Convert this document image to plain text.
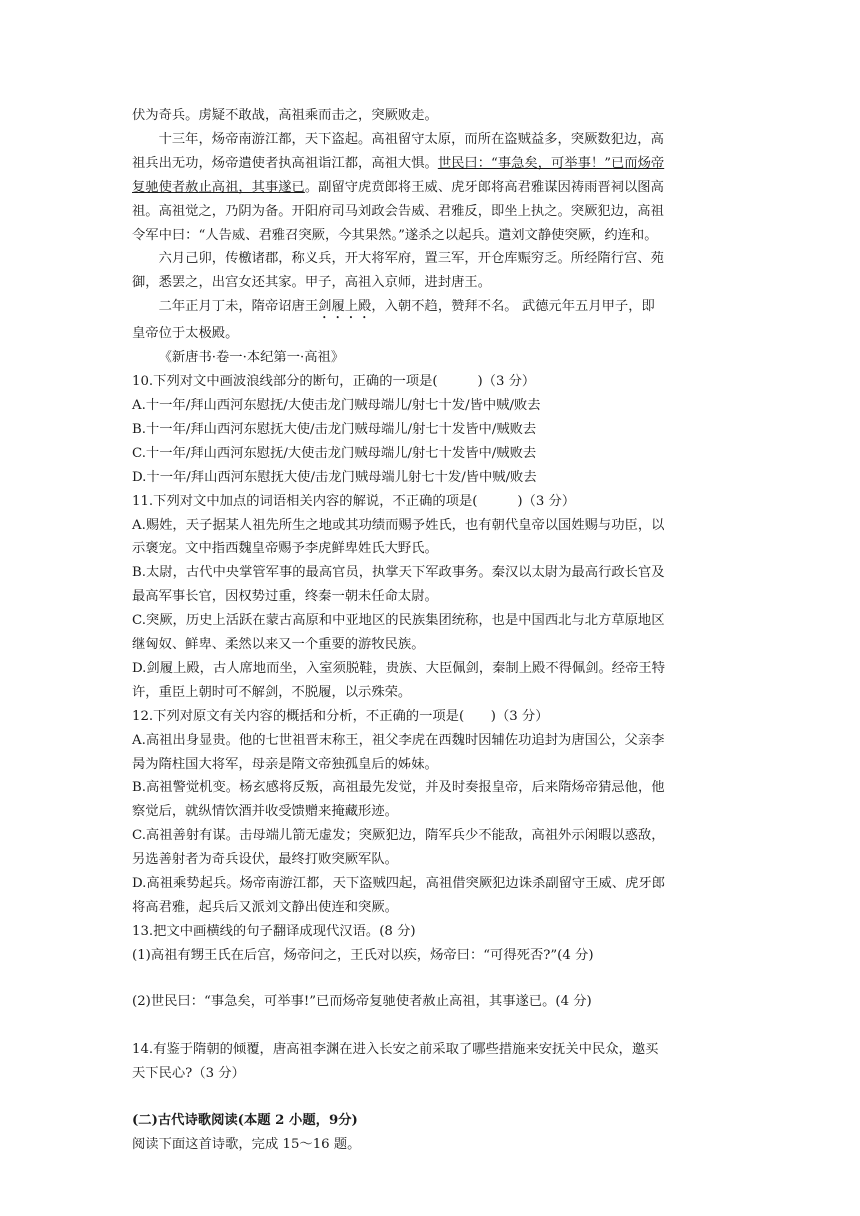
伏为奇兵。虏疑不敢战，高祖乘而击之，突厥败走。

十三年，炀帝南游江都，天下盗起。高祖留守太原，而所在盗贼益多，突厥数犯边，高

祖兵出无功，炀帝遣使者执高祖诣江都，高祖大惧。世民曰：“事急矣，可举事！”已而炀帝

复驰使者赦止高祖，其事遂已。副留守虎贲郎将王威、虎牙郎将高君雅谋因祷雨晋祠以图高

祖。高祖觉之，乃阴为备。开阳府司马刘政会告威、君雅反，即坐上执之。突厥犯边，高祖

令军中曰：“人告威、君雅召突厥，今其果然。”遂杀之以起兵。遣刘文静使突厥，约连和。

六月己卯，传檄诸郡，称义兵，开大将军府，置三军，开仓库赈穷乏。所经隋行宫、苑

御，悉罢之，出宫女还其家。甲子，高祖入京师，进封唐王。

二年正月丁未，隋帝诏唐王剑履上殿，入朝不趋，赞拜不名。 武德元年五月甲子，即

皇帝位于太极殿。

《新唐书·卷一·本纪第一·高祖》

10.下列对文中画波浪线部分的断句，正确的一项是(　　　)（3 分）

A.十一年/拜山西河东慰抚/大使击龙门贼母端儿/射七十发/皆中贼/败去

B.十一年/拜山西河东慰抚大使/击龙门贼母端儿/射七十发皆中/贼败去

C.十一年/拜山西河东慰抚/大使击龙门贼母端儿/射七十发皆中/贼败去

D.十一年/拜山西河东慰抚大使/击龙门贼母端儿射七十发/皆中贼/败去

11.下列对文中加点的词语相关内容的解说，不正确的项是(　　　)（3 分）

A.赐姓，天子据某人祖先所生之地或其功绩而赐予姓氏，也有朝代皇帝以国姓赐与功臣，以

示褒宠。文中指西魏皇帝赐予李虎鲜卑姓氏大野氏。

B.太尉，古代中央掌管军事的最高官员，执掌天下军政事务。秦汉以太尉为最高行政长官及

最高军事长官，因权势过重，终秦一朝未任命太尉。

C.突厥，历史上活跃在蒙古高原和中亚地区的民族集团统称，也是中国西北与北方草原地区

继匈奴、鲜卑、柔然以来又一个重要的游牧民族。

D.剑履上殿，古人席地而坐，入室须脱鞋，贵族、大臣佩剑，秦制上殿不得佩剑。经帝王特

许，重臣上朝时可不解剑，不脱履，以示殊荣。

12.下列对原文有关内容的概括和分析，不正确的一项是(　　)（3 分）

A.高祖出身显贵。他的七世祖晋末称王，祖父李虎在西魏时因辅佐功追封为唐国公，父亲李

昺为隋柱国大将军，母亲是隋文帝独孤皇后的姊妹。

B.高祖警觉机变。杨玄感将反叛，高祖最先发觉，并及时奏报皇帝，后来隋炀帝猜忌他，他

察觉后，就纵情饮酒并收受馈赠来掩藏形迹。

C.高祖善射有谋。击母端儿箭无虚发；突厥犯边，隋军兵少不能敌，高祖外示闲暇以惑敌，

另选善射者为奇兵设伏，最终打败突厥军队。

D.高祖乘势起兵。炀帝南游江都，天下盗贼四起，高祖借突厥犯边诛杀副留守王威、虎牙郎

将高君雅，起兵后又派刘文静出使连和突厥。

13.把文中画横线的句子翻译成现代汉语。(8 分)

(1)高祖有甥王氏在后宫，炀帝问之，王氏对以疾，炀帝曰：“可得死否?”(4 分)

(2)世民曰：“事急矣，可举事!”已而炀帝复驰使者赦止高祖，其事遂已。(4 分)

14.有鉴于隋朝的倾覆，唐高祖李渊在进入长安之前采取了哪些措施来安抚关中民众，邀买

天下民心?（3 分）

(二)古代诗歌阅读(本题 2 小题，9分)

阅读下面这首诗歌，完成 15～16 题。
